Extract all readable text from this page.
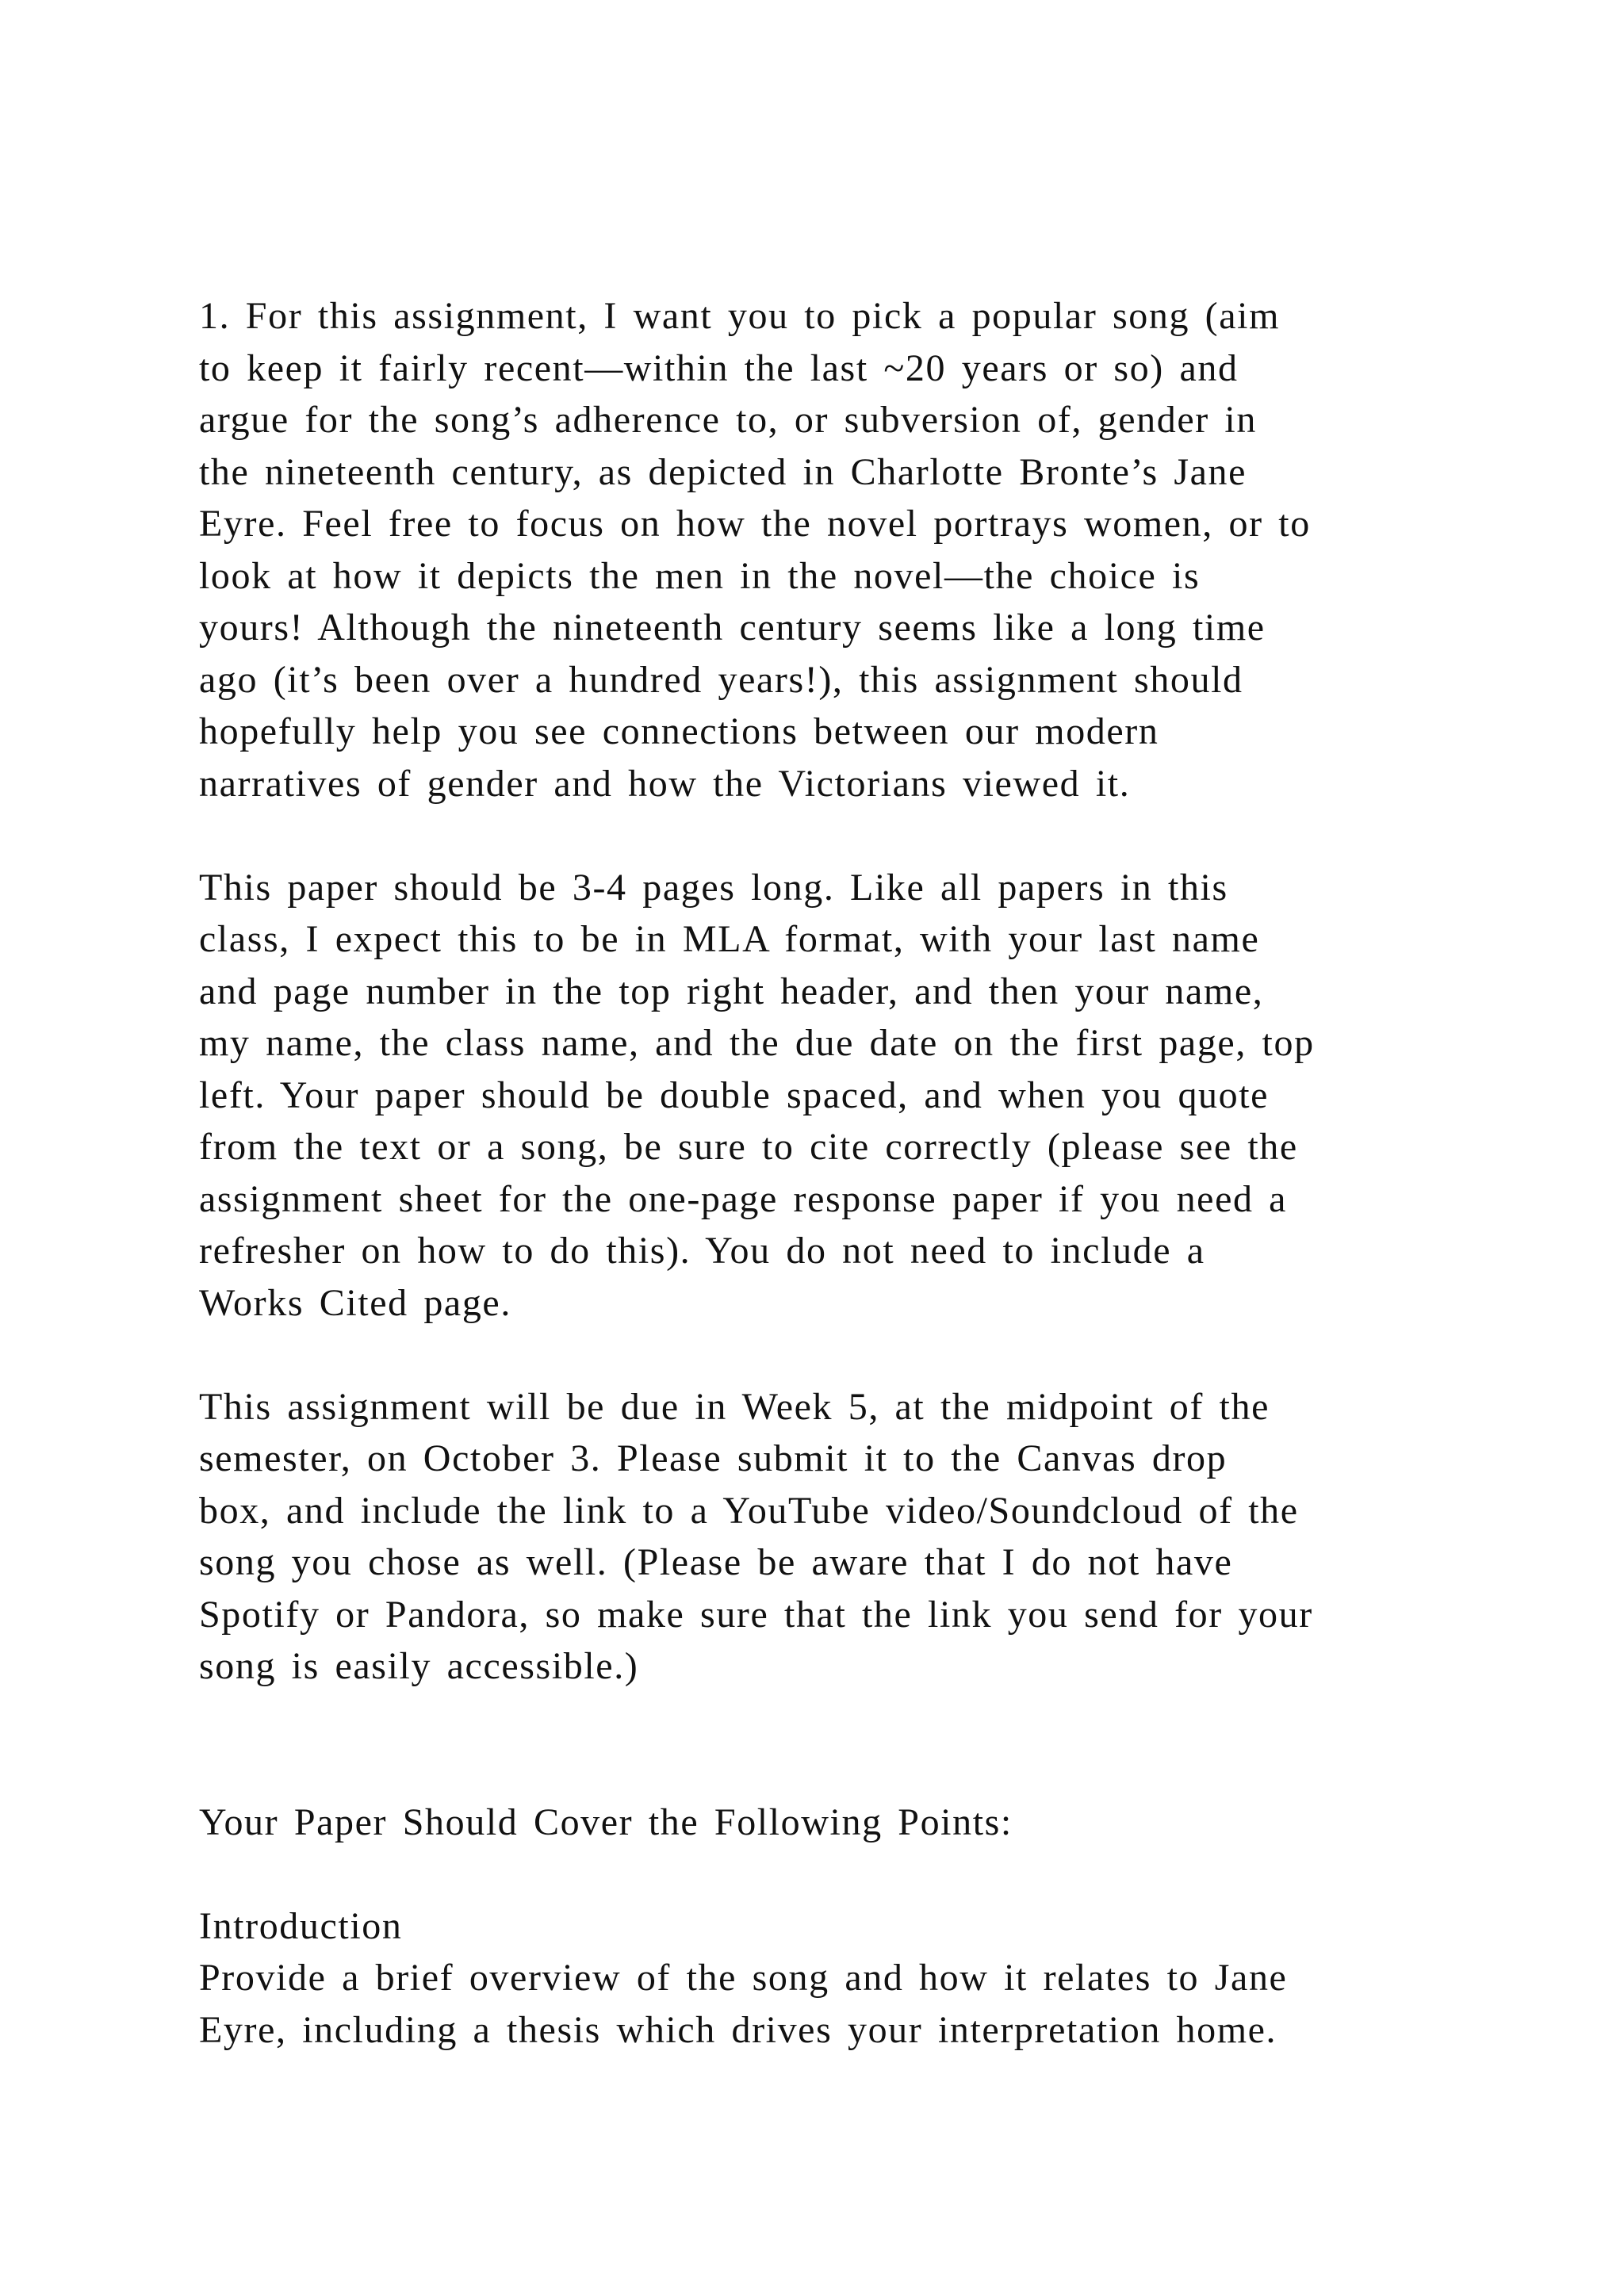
1. For this assignment, I want you to pick a popular song (aim
to keep it fairly recent—within the last ~20 years or so) and
argue for the song’s adherence to, or subversion of, gender in
the nineteenth century, as depicted in Charlotte Bronte’s Jane
Eyre. Feel free to focus on how the novel portrays women, or to
look at how it depicts the men in the novel—the choice is
yours! Although the nineteenth century seems like a long time
ago (it’s been over a hundred years!), this assignment should
hopefully help you see connections between our modern
narratives of gender and how the Victorians viewed it.
This paper should be 3-4 pages long. Like all papers in this
class, I expect this to be in MLA format, with your last name
and page number in the top right header, and then your name,
my name, the class name, and the due date on the first page, top
left. Your paper should be double spaced, and when you quote
from the text or a song, be sure to cite correctly (please see the
assignment sheet for the one-page response paper if you need a
refresher on how to do this). You do not need to include a
Works Cited page.
This assignment will be due in Week 5, at the midpoint of the
semester, on October 3. Please submit it to the Canvas drop
box, and include the link to a YouTube video/Soundcloud of the
song you chose as well. (Please be aware that I do not have
Spotify or Pandora, so make sure that the link you send for your
song is easily accessible.)
Your Paper Should Cover the Following Points:
Introduction
Provide a brief overview of the song and how it relates to Jane
Eyre, including a thesis which drives your interpretation home.
